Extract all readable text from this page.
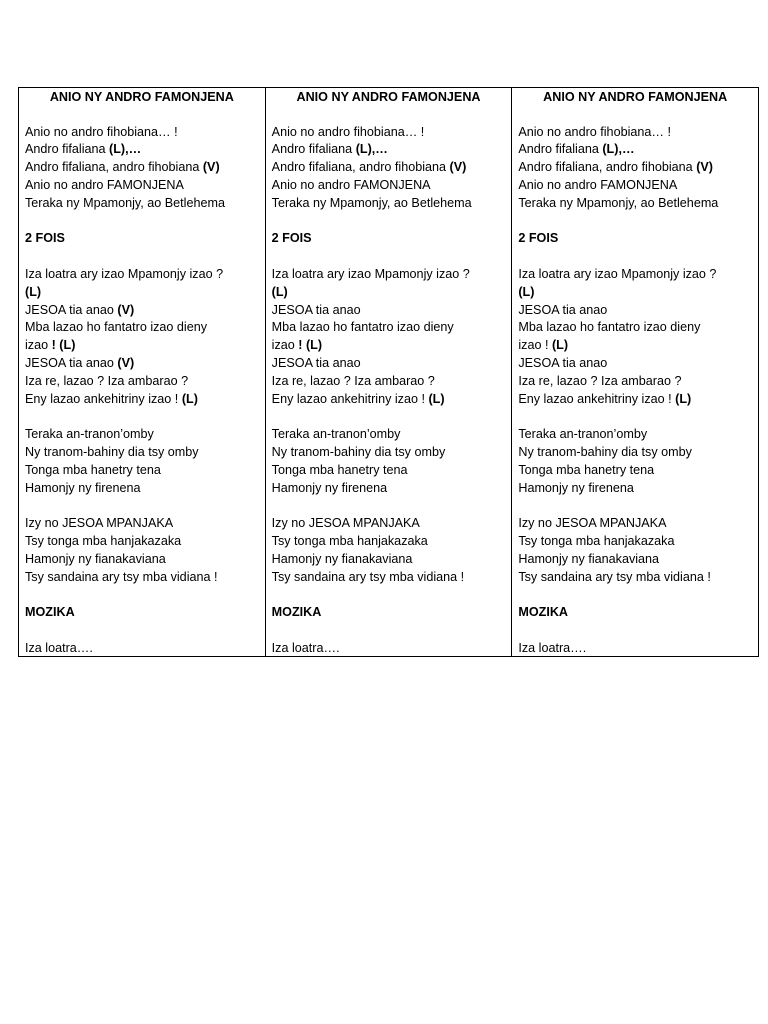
ANIO NY ANDRO FAMONJENA
Anio no andro fihobiana… !
Andro fifaliana (L),…
Andro fifaliana, andro fihobiana (V)
Anio no andro FAMONJENA
Teraka ny Mpamonjy, ao Betlehema
2 FOIS
Iza loatra ary izao Mpamonjy izao ?
(L)
JESOA tia anao (V)
Mba lazao ho fantatro izao dieny
izao ! (L)
JESOA tia anao (V)
Iza re, lazao ? Iza ambarao ?
Eny lazao ankehitriny izao ! (L)
Teraka an-tranon’omby
Ny tranom-bahiny dia tsy omby
Tonga mba hanetry tena
Hamonjy ny firenena
Izy no JESOA MPANJAKA
Tsy tonga mba hanjakazaka
Hamonjy ny fianakaviana
Tsy sandaina ary tsy mba vidiana !
MOZIKA
Iza loatra….
ANIO NY ANDRO FAMONJENA
Anio no andro fihobiana… !
Andro fifaliana (L),…
Andro fifaliana, andro fihobiana (V)
Anio no andro FAMONJENA
Teraka ny Mpamonjy, ao Betlehema
2 FOIS
Iza loatra ary izao Mpamonjy izao ?
(L)
JESOA tia anao
Mba lazao ho fantatro izao dieny
izao ! (L)
JESOA tia anao
Iza re, lazao ? Iza ambarao ?
Eny lazao ankehitriny izao ! (L)
Teraka an-tranon’omby
Ny tranom-bahiny dia tsy omby
Tonga mba hanetry tena
Hamonjy ny firenena
Izy no JESOA MPANJAKA
Tsy tonga mba hanjakazaka
Hamonjy ny fianakaviana
Tsy sandaina ary tsy mba vidiana !
MOZIKA
Iza loatra….
ANIO NY ANDRO FAMONJENA
Anio no andro fihobiana… !
Andro fifaliana (L),…
Andro fifaliana, andro fihobiana (V)
Anio no andro FAMONJENA
Teraka ny Mpamonjy, ao Betlehema
2 FOIS
Iza loatra ary izao Mpamonjy izao ?
(L)
JESOA tia anao
Mba lazao ho fantatro izao dieny
izao ! (L)
JESOA tia anao
Iza re, lazao ? Iza ambarao ?
Eny lazao ankehitriny izao ! (L)
Teraka an-tranon’omby
Ny tranom-bahiny dia tsy omby
Tonga mba hanetry tena
Hamonjy ny firenena
Izy no JESOA MPANJAKA
Tsy tonga mba hanjakazaka
Hamonjy ny fianakaviana
Tsy sandaina ary tsy mba vidiana !
MOZIKA
Iza loatra….
